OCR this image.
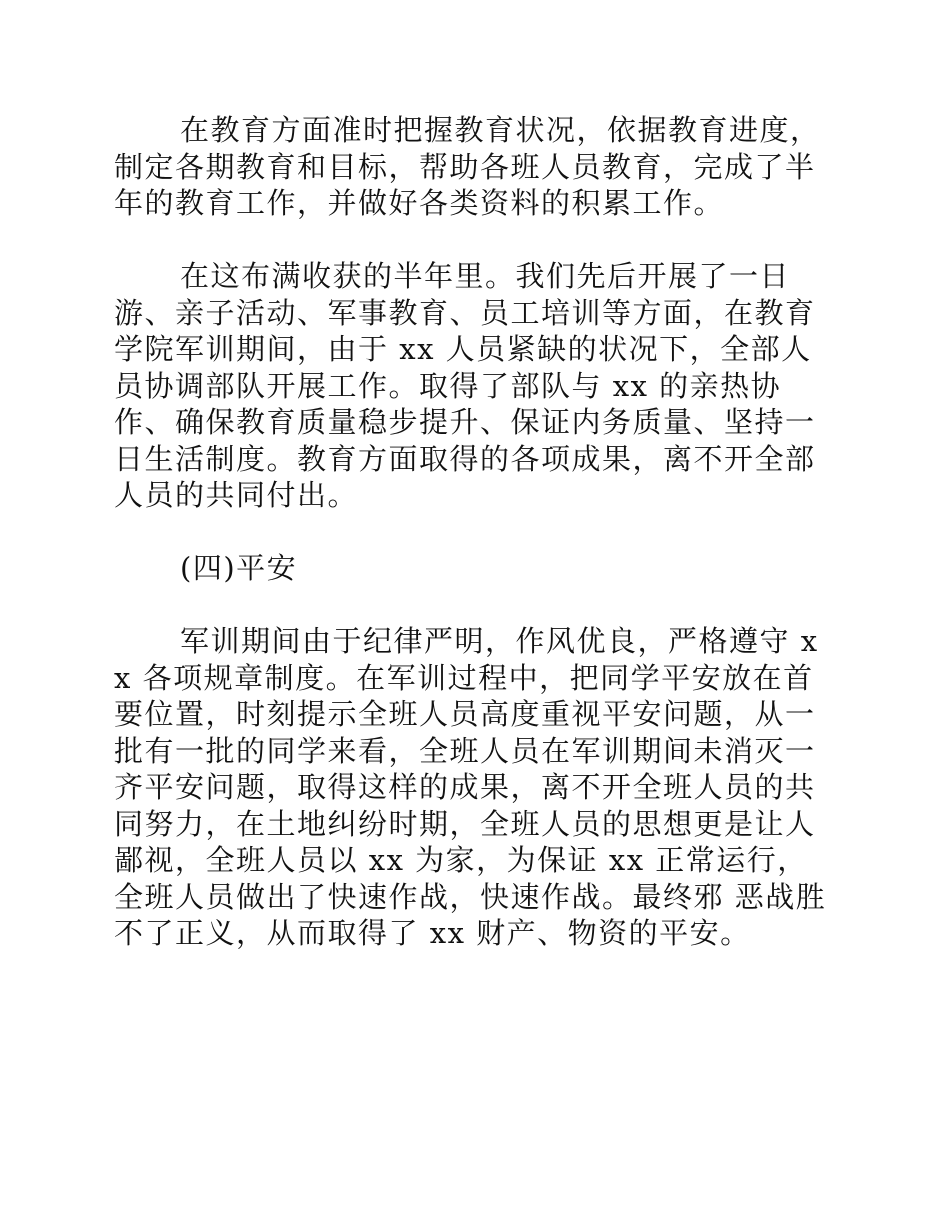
在教育方面准时把握教育状况，依据教育进度，制定各期教育和目标，帮助各班人员教育，完成了半年的教育工作，并做好各类资料的积累工作。

在这布满收获的半年里。我们先后开展了一日游、亲子活动、军事教育、员工培训等方面，在教育学院军训期间，由于 xx 人员紧缺的状况下，全部人员协调部队开展工作。取得了部队与 xx 的亲热协作、确保教育质量稳步提升、保证内务质量、坚持一日生活制度。教育方面取得的各项成果，离不开全部人员的共同付出。

(四)平安

军训期间由于纪律严明，作风优良，严格遵守 xx 各项规章制度。在军训过程中，把同学平安放在首要位置，时刻提示全班人员高度重视平安问题，从一批有一批的同学来看，全班人员在军训期间未消灭一齐平安问题，取得这样的成果，离不开全班人员的共同努力，在土地纠纷时期，全班人员的思想更是让人鄙视，全班人员以 xx 为家，为保证 xx 正常运行，全班人员做出了快速作战，快速作战。最终邪 恶战胜不了正义，从而取得了 xx 财产、物资的平安。
